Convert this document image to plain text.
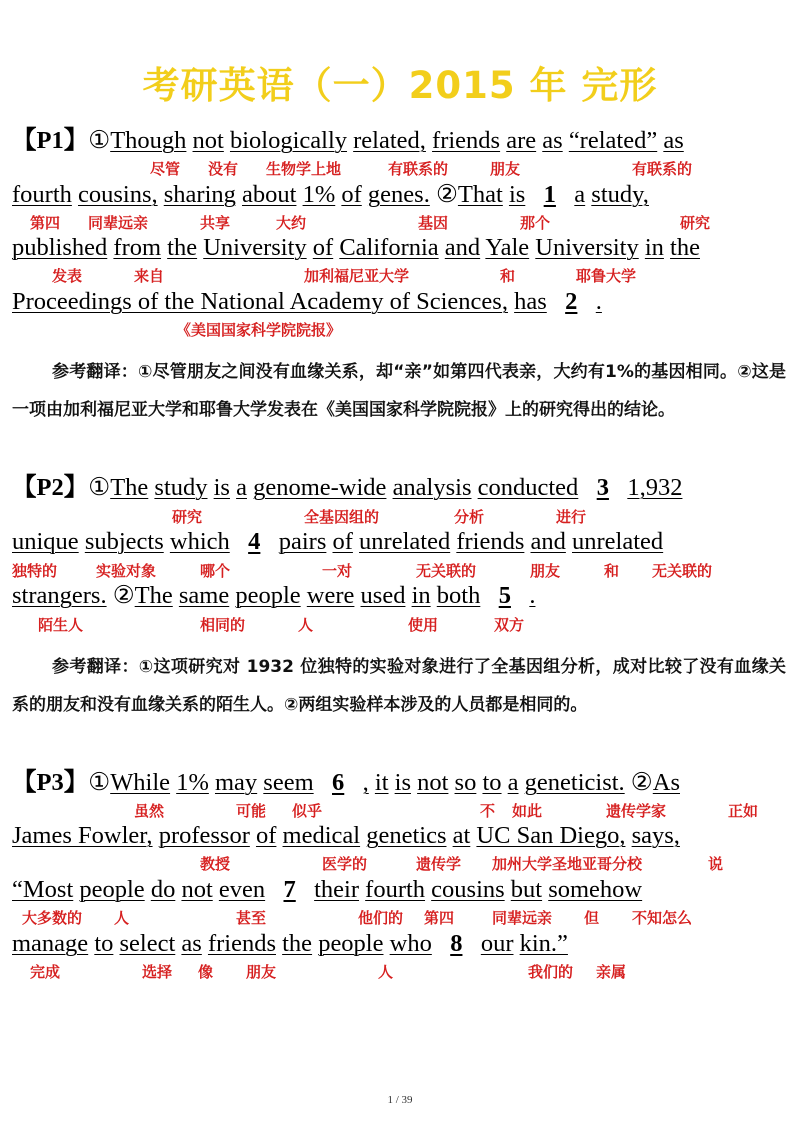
考研英语（一）2015 年 完形
【P1】①Though not biologically related, friends are as “related” as
尽管 没有 生物学上地	有联系的	朋友	有联系的
fourth cousins, sharing about 1% of genes. ②That is 1 a study,
第四 同辈远亲	共享	大约	基因	那个	研究
published from the University of California and Yale University in the
发表	来自	加利福尼亚大学	和	耶鲁大学
Proceedings of the National Academy of Sciences, has 2 .
《美国国家科学院院报》
参考翻译：①尽管朋友之间没有血缘关系，却“亲”如第四代表亲，大约有1%的基因相同。②这是一项由加利福尼亚大学和耶鲁大学发表在《美国国家科学院院报》上的研究得出的结论。
【P2】①The study is a genome-wide analysis conducted 3 1,932
研究	全基因组的	分析	进行
unique subjects which 4 pairs of unrelated friends and unrelated
独特的	实验对象	哪个	一对	无关联的	朋友	和 无关联的
strangers. ②The same people were used in both 5 .
陌生人	相同的	人	使用	双方
参考翻译：①这项研究对 1932 位独特的实验对象进行了全基因组分析，成对比较了没有血缘关系的朋友和没有血缘关系的陌生人。②两组实验样本涉及的人员都是相同的。
【P3】①While 1% may seem 6 , it is not so to a geneticist. ②As
虽然	可能 似乎	不 如此	遗传学家	正如
James Fowler, professor of medical genetics at UC San Diego, says,
教授	医学的	遗传学 加州大学圣地亚哥分校	说
“Most people do not even 7 their fourth cousins but somehow
大多数的 人	甚至	他们的 第四	同辈远亲 但 不知怎么
manage to select as friends the people who 8 our kin.”
完成	选择 像 朋友	人	我们的 亲属
1 / 39
